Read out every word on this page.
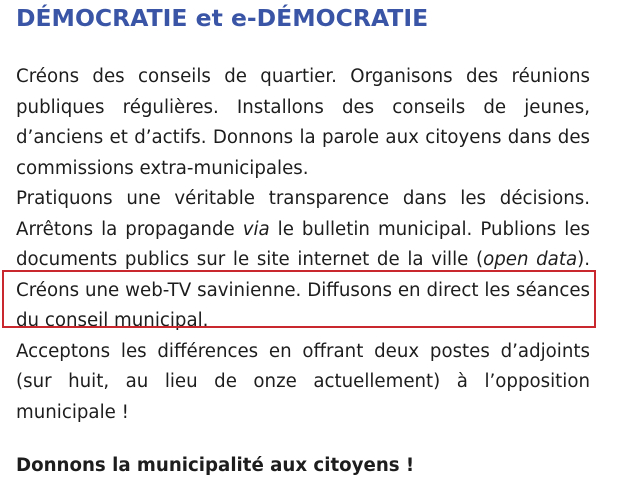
DÉMOCRATIE et e-DÉMOCRATIE

Créons des conseils de quartier. Organisons des réunions publiques régulières. Installons des conseils de jeunes, d’anciens et d’actifs. Donnons la parole aux citoyens dans des commissions extra-municipales.

Pratiquons une véritable transparence dans les décisions. Arrêtons la propagande via le bulletin municipal. Publions les documents publics sur le site internet de la ville (open data). Créons une web-TV savinienne. Diffusons en direct les séances du conseil municipal.

Acceptons les différences en offrant deux postes d’adjoints (sur huit, au lieu de onze actuellement) à l’opposition municipale !

Donnons la municipalité aux citoyens !
